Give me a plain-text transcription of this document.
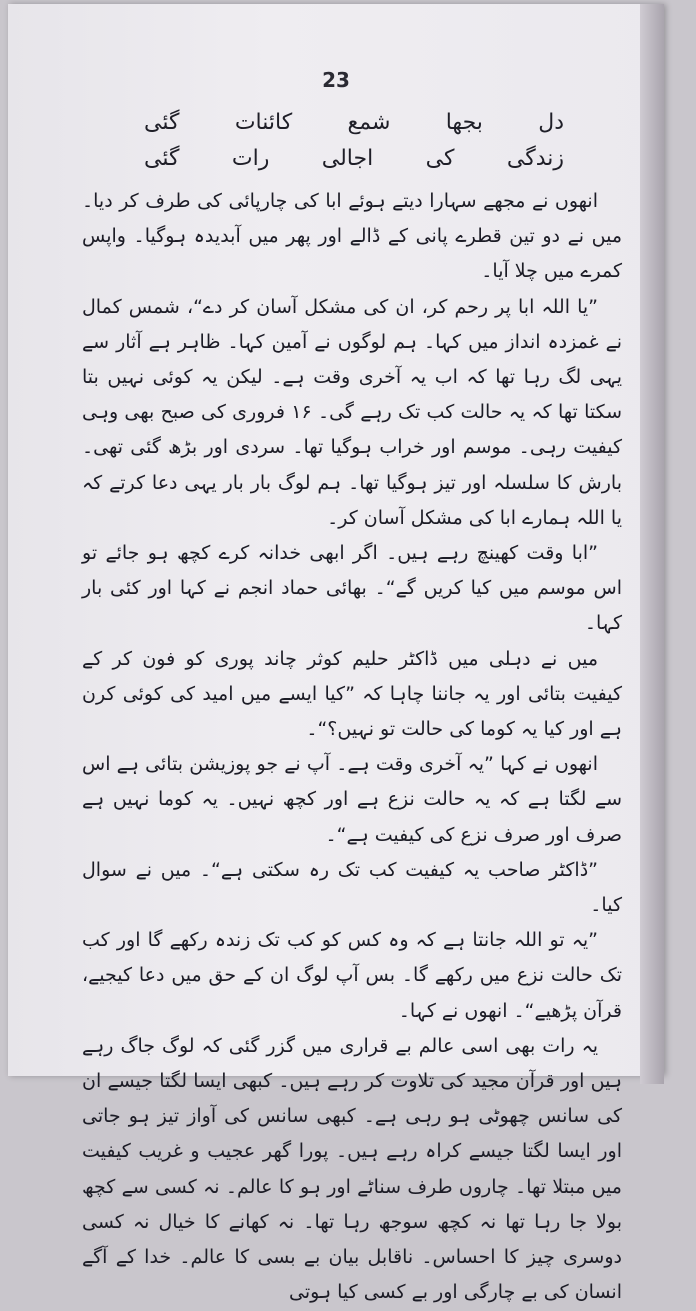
23
دل
بجھا
شمع
کائنات
گئی
زندگی
کی
اجالی
رات
گئی

انھوں نے مجھے سہارا دیتے ہوئے ابا کی چارپائی کی طرف کر دیا۔ میں نے دو تین قطرے پانی کے ڈالے اور پھر میں آبدیدہ ہوگیا۔ واپس کمرے میں چلا آیا۔

”یا اللہ ابا پر رحم کر، ان کی مشکل آسان کر دے“، شمس کمال نے غمزدہ انداز میں کہا۔ ہم لوگوں نے آمین کہا۔ ظاہر ہے آثار سے یہی لگ رہا تھا کہ اب یہ آخری وقت ہے۔ لیکن یہ کوئی نہیں بتا سکتا تھا کہ یہ حالت کب تک رہے گی۔ ۱۶ فروری کی صبح بھی وہی کیفیت رہی۔ موسم اور خراب ہوگیا تھا۔ سردی اور بڑھ گئی تھی۔ بارش کا سلسلہ اور تیز ہوگیا تھا۔ ہم لوگ بار بار یہی دعا کرتے کہ یا اللہ ہمارے ابا کی مشکل آسان کر۔

”ابا وقت کھینچ رہے ہیں۔ اگر ابھی خدانہ کرے کچھ ہو جائے تو اس موسم میں کیا کریں گے“۔ بھائی حماد انجم نے کہا اور کئی بار کہا۔

میں نے دہلی میں ڈاکٹر حلیم کوثر چاند پوری کو فون کر کے کیفیت بتائی اور یہ جاننا چاہا کہ ”کیا ایسے میں امید کی کوئی کرن ہے اور کیا یہ کوما کی حالت تو نہیں؟“۔

انھوں نے کہا ”یہ آخری وقت ہے۔ آپ نے جو پوزیشن بتائی ہے اس سے لگتا ہے کہ یہ حالت نزع ہے اور کچھ نہیں۔ یہ کوما نہیں ہے صرف اور صرف نزع کی کیفیت ہے“۔

”ڈاکٹر صاحب یہ کیفیت کب تک رہ سکتی ہے“۔ میں نے سوال کیا۔

”یہ تو اللہ جانتا ہے کہ وہ کس کو کب تک زندہ رکھے گا اور کب تک حالت نزع میں رکھے گا۔ بس آپ لوگ ان کے حق میں دعا کیجیے، قرآن پڑھیے“۔ انھوں نے کہا۔

یہ رات بھی اسی عالم بے قراری میں گزر گئی کہ لوگ جاگ رہے ہیں اور قرآن مجید کی تلاوت کر رہے ہیں۔ کبھی ایسا لگتا جیسے ان کی سانس چھوٹی ہو رہی ہے۔ کبھی سانس کی آواز تیز ہو جاتی اور ایسا لگتا جیسے کراہ رہے ہیں۔ پورا گھر عجیب و غریب کیفیت میں مبتلا تھا۔ چاروں طرف سناٹے اور ہو کا عالم۔ نہ کسی سے کچھ بولا جا رہا تھا نہ کچھ سوجھ رہا تھا۔ نہ کھانے کا خیال نہ کسی دوسری چیز کا احساس۔ ناقابل بیان بے بسی کا عالم۔ خدا کے آگے انسان کی بے چارگی اور بے کسی کیا ہوتی
